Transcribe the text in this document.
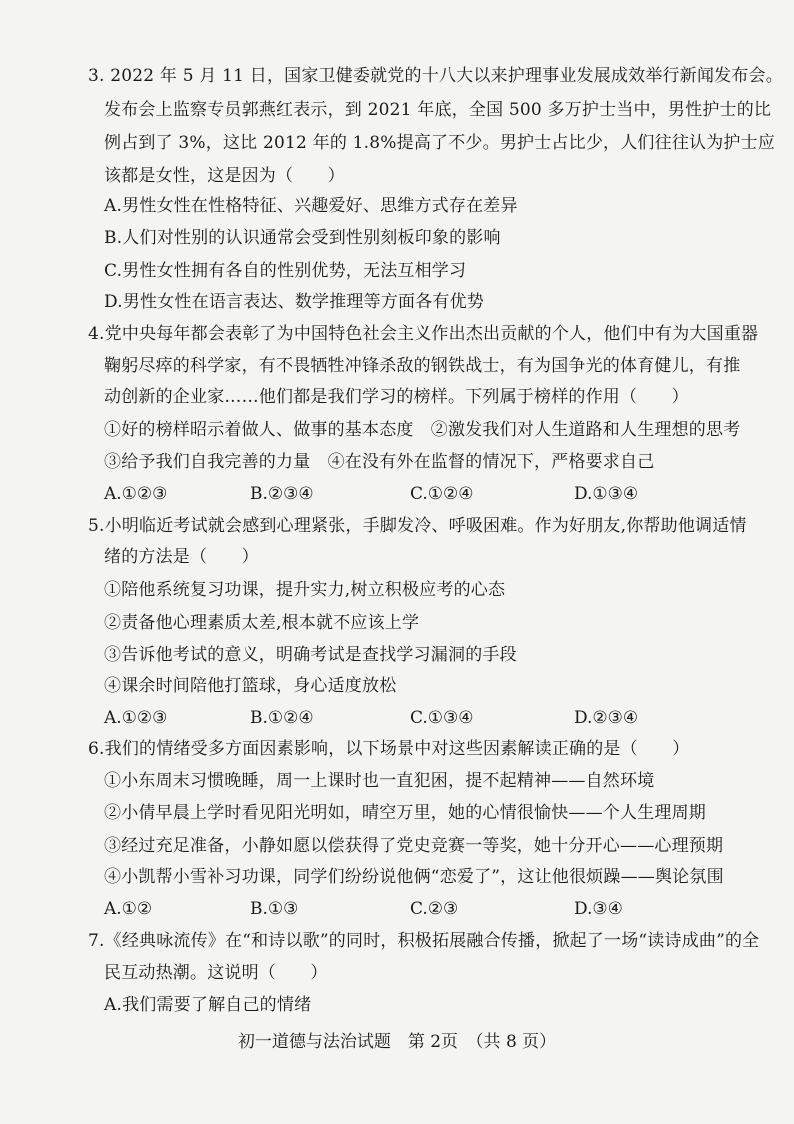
3. 2022 年 5 月 11 日，国家卫健委就党的十八大以来护理事业发展成效举行新闻发布会。
发布会上监察专员郭燕红表示，到 2021 年底，全国 500 多万护士当中，男性护士的比
例占到了 3%，这比 2012 年的 1.8%提高了不少。男护士占比少，人们往往认为护士应
该都是女性，这是因为（　　）
A.男性女性在性格特征、兴趣爱好、思维方式存在差异
B.人们对性别的认识通常会受到性别刻板印象的影响
C.男性女性拥有各自的性别优势，无法互相学习
D.男性女性在语言表达、数学推理等方面各有优势
4.党中央每年都会表彰了为中国特色社会主义作出杰出贡献的个人，他们中有为大国重器
鞠躬尽瘁的科学家，有不畏牺牲冲锋杀敌的钢铁战士，有为国争光的体育健儿，有推
动创新的企业家……他们都是我们学习的榜样。下列属于榜样的作用（　　）
①好的榜样昭示着做人、做事的基本态度　②激发我们对人生道路和人生理想的思考
③给予我们自我完善的力量　④在没有外在监督的情况下，严格要求自己
A.①②③	B.②③④	C.①②④	D.①③④
5.小明临近考试就会感到心理紧张，手脚发冷、呼吸困难。作为好朋友,你帮助他调适情
绪的方法是（　　）
①陪他系统复习功课，提升实力,树立积极应考的心态
②责备他心理素质太差,根本就不应该上学
③告诉他考试的意义，明确考试是查找学习漏洞的手段
④课余时间陪他打篮球，身心适度放松
A.①②③	B.①②④	C.①③④	D.②③④
6.我们的情绪受多方面因素影响，以下场景中对这些因素解读正确的是（　　）
①小东周末习惯晚睡，周一上课时也一直犯困，提不起精神——自然环境
②小倩早晨上学时看见阳光明如，晴空万里，她的心情很愉快——个人生理周期
③经过充足准备，小静如愿以偿获得了党史竞赛一等奖，她十分开心——心理预期
④小凯帮小雪补习功课，同学们纷纷说他俩“恋爱了”，这让他很烦躁——舆论氛围
A.①②	B.①③	C.②③	D.③④
7.《经典咏流传》在“和诗以歌”的同时，积极拓展融合传播，掀起了一场“读诗成曲”的全
民互动热潮。这说明（　　）
A.我们需要了解自己的情绪
初一道德与法治试题　第 2页　（共 8 页）
